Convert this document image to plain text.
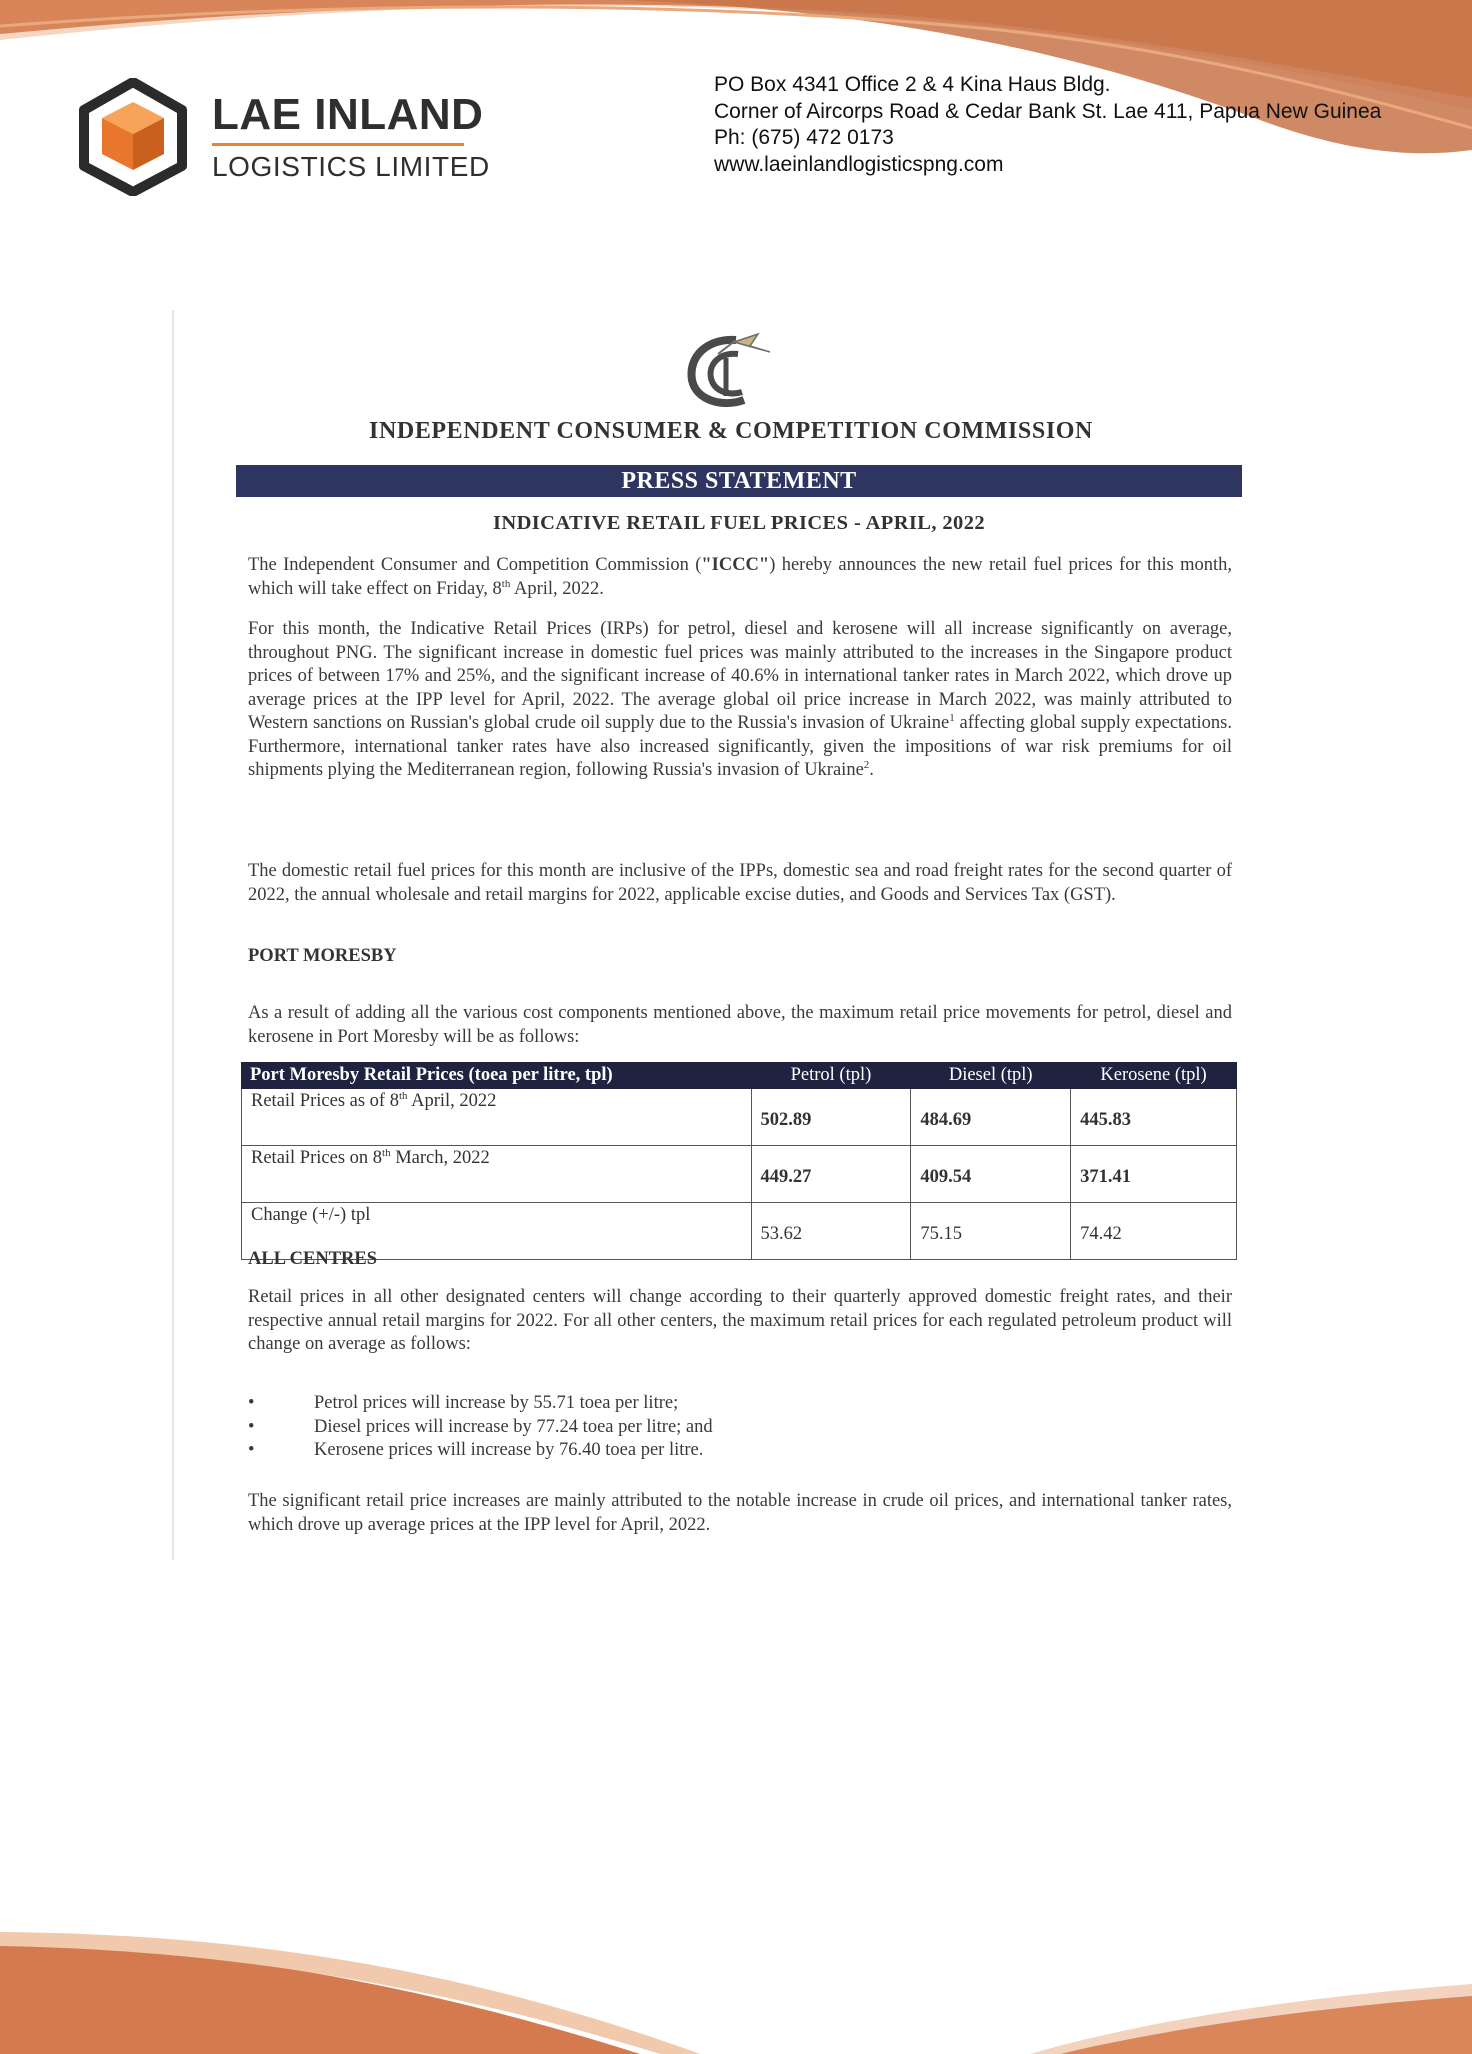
LAE INLAND
LOGISTICS LIMITED
PO Box 4341 Office 2 & 4 Kina Haus Bldg.
Corner of Aircorps Road & Cedar Bank St. Lae 411, Papua New Guinea
Ph: (675) 472 0173
www.laeinlandlogisticspng.com
INDEPENDENT CONSUMER & COMPETITION COMMISSION
PRESS STATEMENT
INDICATIVE RETAIL FUEL PRICES - APRIL, 2022
The Independent Consumer and Competition Commission ("ICCC") hereby announces the new retail fuel prices for this month, which will take effect on Friday, 8th April, 2022.
For this month, the Indicative Retail Prices (IRPs) for petrol, diesel and kerosene will all increase significantly on average, throughout PNG. The significant increase in domestic fuel prices was mainly attributed to the increases in the Singapore product prices of between 17% and 25%, and the significant increase of 40.6% in international tanker rates in March 2022, which drove up average prices at the IPP level for April, 2022. The average global oil price increase in March 2022, was mainly attributed to Western sanctions on Russian's global crude oil supply due to the Russia's invasion of Ukraine$^1$ affecting global supply expectations. Furthermore, international tanker rates have also increased significantly, given the impositions of war risk premiums for oil shipments plying the Mediterranean region, following Russia's invasion of Ukraine$^2$.
The domestic retail fuel prices for this month are inclusive of the IPPs, domestic sea and road freight rates for the second quarter of 2022, the annual wholesale and retail margins for 2022, applicable excise duties, and Goods and Services Tax (GST).
PORT MORESBY
As a result of adding all the various cost components mentioned above, the maximum retail price movements for petrol, diesel and kerosene in Port Moresby will be as follows:
Port Moresby Retail Prices (toea per litre, tpl)	Petrol (tpl)	Diesel (tpl)	Kerosene (tpl)
Retail Prices as of 8th April, 2022	502.89	484.69	445.83
Retail Prices on 8th March, 2022	449.27	409.54	371.41
Change (+/-) tpl	53.62	75.15	74.42
ALL CENTRES
Retail prices in all other designated centers will change according to their quarterly approved domestic freight rates, and their respective annual retail margins for 2022. For all other centers, the maximum retail prices for each regulated petroleum product will change on average as follows:
•	Petrol prices will increase by 55.71 toea per litre;
•	Diesel prices will increase by 77.24 toea per litre; and
•	Kerosene prices will increase by 76.40 toea per litre.
The significant retail price increases are mainly attributed to the notable increase in crude oil prices, and international tanker rates, which drove up average prices at the IPP level for April, 2022.
